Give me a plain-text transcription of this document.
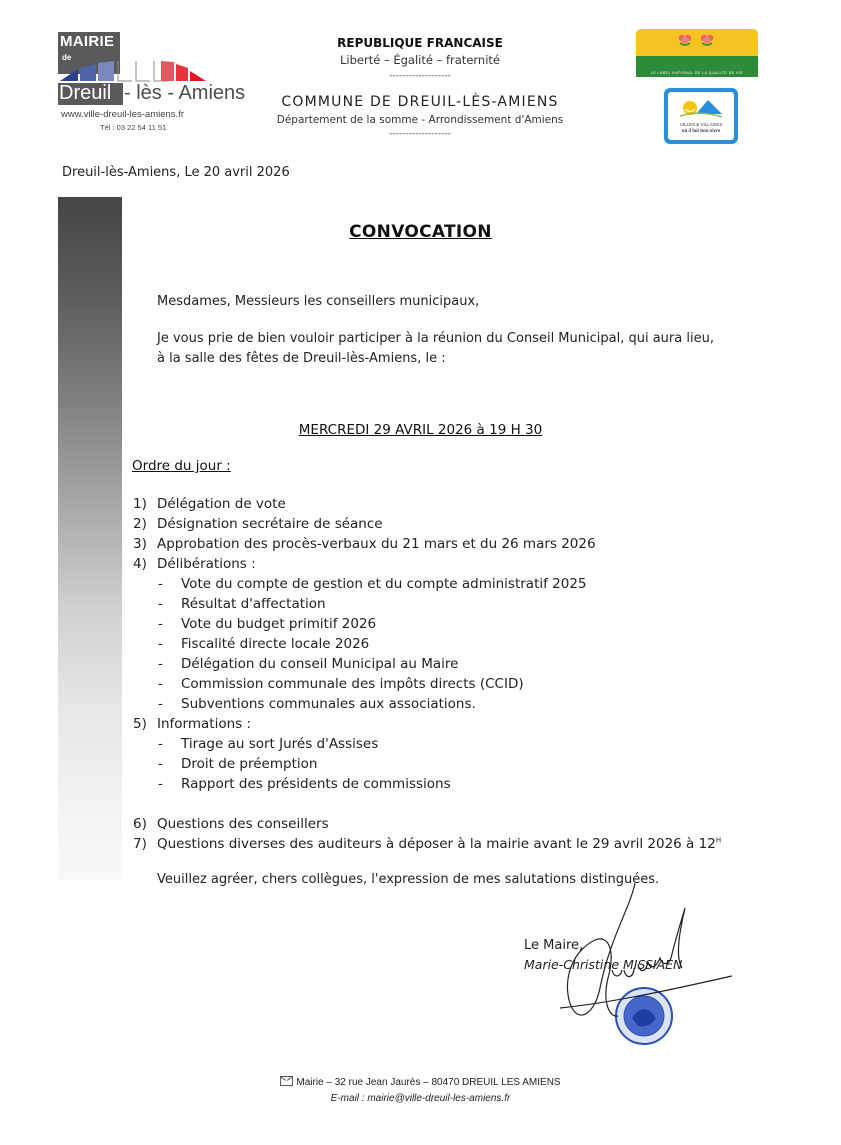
MAIRIE
de
Dreuil - lès - Amiens
www.ville-dreuil-les-amiens.fr
Tél : 03 22 54 11 51
REPUBLIQUE FRANCAISE
Liberté – Égalité – fraternité
-------------------
COMMUNE DE DREUIL-LÈS-AMIENS
Département de la somme - Arrondissement d'Amiens
-------------------
Villes et Villages Fleuris
LE LABEL NATIONAL DE LA QUALITÉ DE VIE
VILLES & VILLAGES
où il fait bon vivre
Dreuil-lès-Amiens, Le 20 avril 2026
CONVOCATION
Mesdames, Messieurs les conseillers municipaux,
Je vous prie de bien vouloir participer à la réunion du Conseil Municipal, qui aura lieu, à la salle des fêtes de Dreuil-lès-Amiens, le :
MERCREDI 29 AVRIL 2026 à 19 H 30
Ordre du jour :
1) Délégation de vote
2) Désignation secrétaire de séance
3) Approbation des procès-verbaux du 21 mars et du 26 mars 2026
4) Délibérations :
- Vote du compte de gestion et du compte administratif 2025
- Résultat d'affectation
- Vote du budget primitif 2026
- Fiscalité directe locale 2026
- Délégation du conseil Municipal au Maire
- Commission communale des impôts directs (CCID)
- Subventions communales aux associations.
5) Informations :
- Tirage au sort Jurés d'Assises
- Droit de préemption
- Rapport des présidents de commissions
6) Questions des conseillers
7) Questions diverses des auditeurs à déposer à la mairie avant le 29 avril 2026 à $12^H$
Veuillez agréer, chers collègues, l'expression de mes salutations distinguées.
Le Maire,
Marie-Christine MISSIAEN
Mairie – 32 rue Jean Jaurès – 80470 DREUIL LES AMIENS
E-mail : mairie@ville-dreuil-les-amiens.fr
